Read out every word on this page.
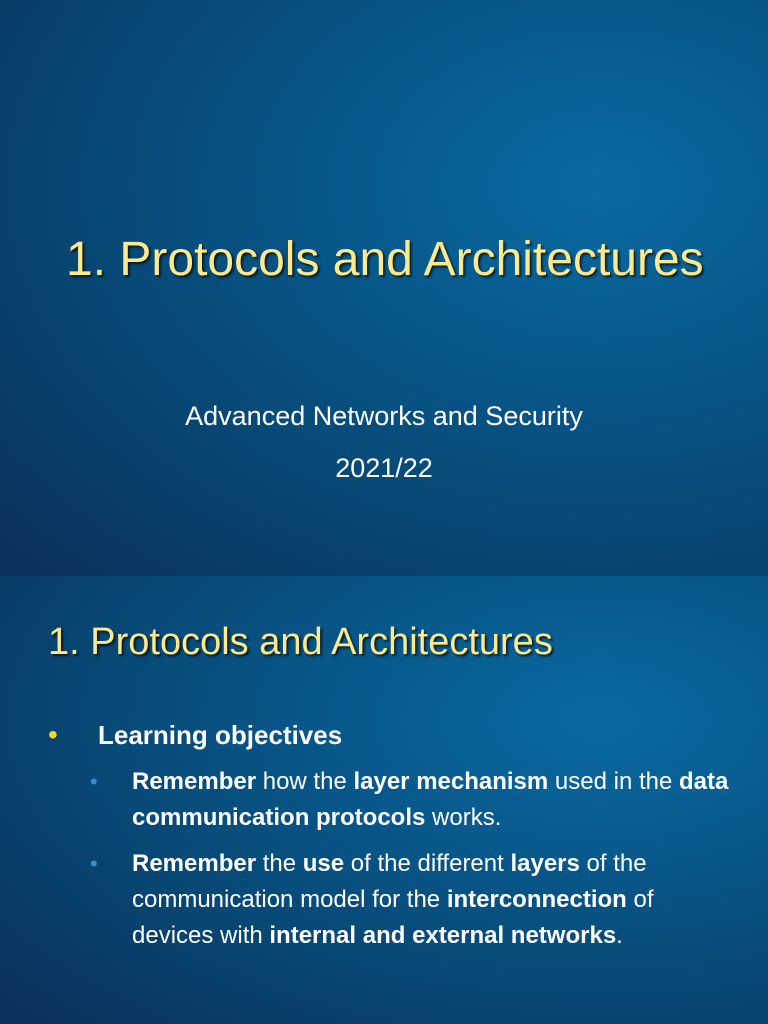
1. Protocols and Architectures
Advanced Networks and Security
2021/22
1. Protocols and Architectures
•	Learning objectives
•	Remember how the layer mechanism used in the data communication protocols works.
•	Remember the use of the different layers of the communication model for the interconnection of devices with internal and external networks.
